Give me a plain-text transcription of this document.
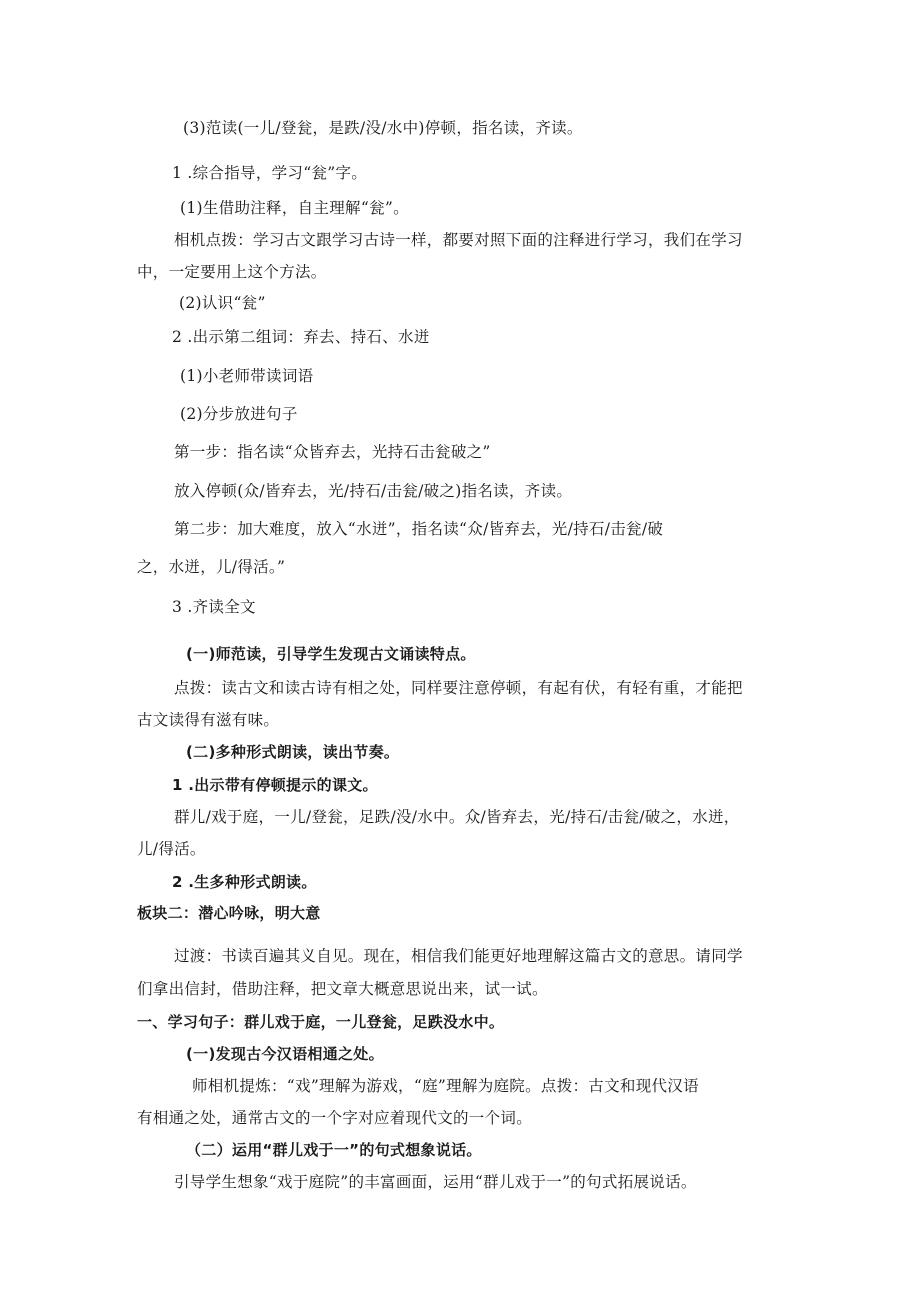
(3)范读(一儿/登瓮，是跌/没/水中)停顿，指名读，齐读。
1 .综合指导，学习“瓮”字。
(1)生借助注释，自主理解“瓮”。
相机点拨：学习古文跟学习古诗一样，都要对照下面的注释进行学习，我们在学习
中，一定要用上这个方法。
(2)认识“瓮”
2 .出示第二组词：弃去、持石、水迸
(1)小老师带读词语
(2)分步放进句子
第一步：指名读“众皆弃去，光持石击瓮破之”
放入停顿(众/皆弃去，光/持石/击瓮/破之)指名读，齐读。
第二步：加大难度，放入“水迸”，指名读“众/皆弃去，光/持石/击瓮/破
之，水迸，儿/得活。”
3 .齐读全文
(一)师范读，引导学生发现古文诵读特点。
点拨：读古文和读古诗有相之处，同样要注意停顿，有起有伏，有轻有重，才能把
古文读得有滋有味。
(二)多种形式朗读，读出节奏。
1 .出示带有停顿提示的课文。
群儿/戏于庭，一儿/登瓮，足跌/没/水中。众/皆弃去，光/持石/击瓮/破之，水迸，
儿/得活。
2 .生多种形式朗读。
板块二：潜心吟咏，明大意
过渡：书读百遍其义自见。现在，相信我们能更好地理解这篇古文的意思。请同学
们拿出信封，借助注释，把文章大概意思说出来，试一试。
一、学习句子：群儿戏于庭，一儿登瓮，足跌没水中。
(一)发现古今汉语相通之处。
师相机提炼：“戏”理解为游戏，“庭”理解为庭院。点拨：古文和现代汉语
有相通之处，通常古文的一个字对应着现代文的一个词。
（二）运用“群儿戏于一”的句式想象说话。
引导学生想象“戏于庭院”的丰富画面，运用“群儿戏于一”的句式拓展说话。
